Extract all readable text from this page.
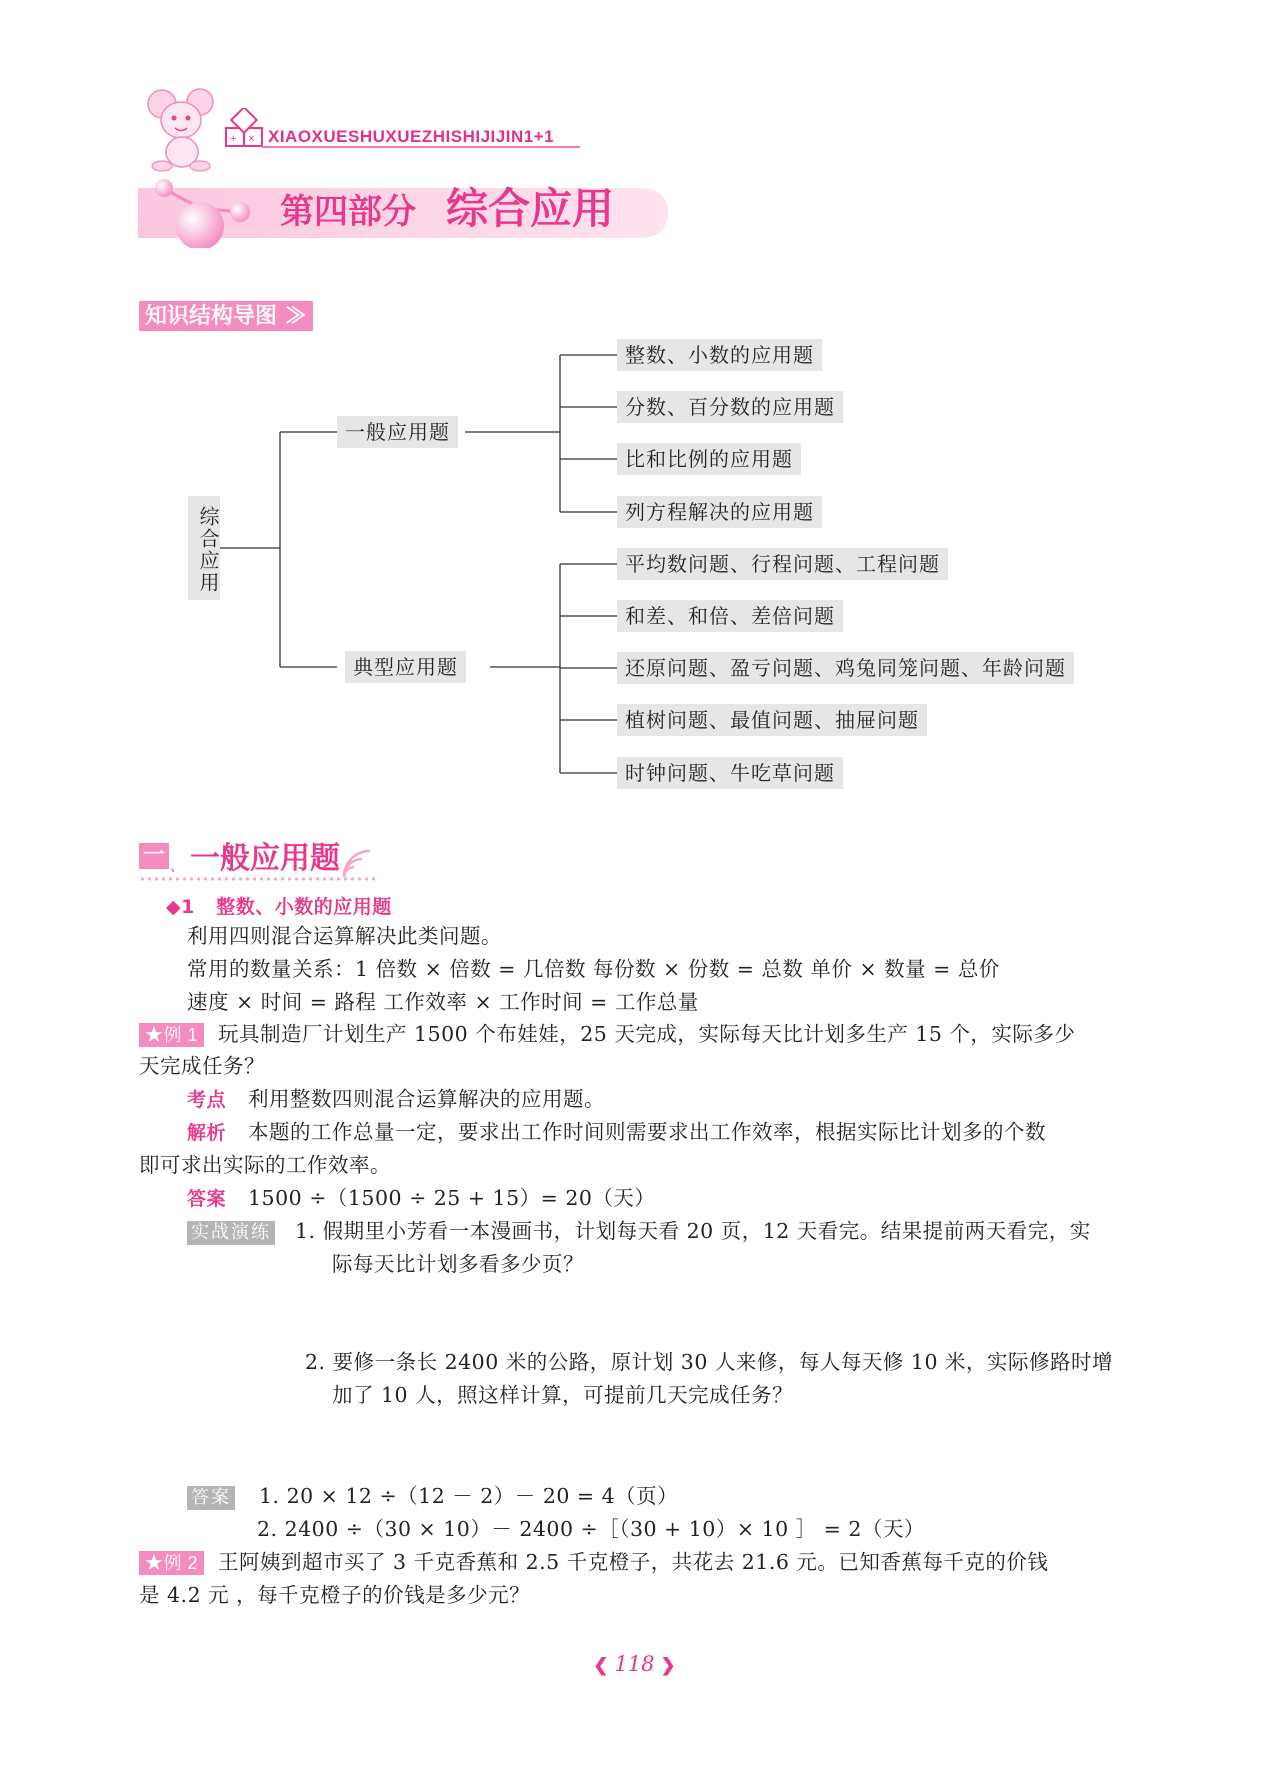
+ × XIAOXUESHUXUEZHISHIJIJIN1+1
第四部分 综合应用
知识结构导图 ≫
综合应用
一般应用题
典型应用题
整数、小数的应用题
分数、百分数的应用题
比和比例的应用题
列方程解决的应用题
平均数问题、行程问题、工程问题
和差、和倍、差倍问题
还原问题、盈亏问题、鸡兔同笼问题、年龄问题
植树问题、最值问题、抽屉问题
时钟问题、牛吃草问题
一 、 一般应用题
◆1 整数、小数的应用题
利用四则混合运算解决此类问题。
常用的数量关系：1 倍数 × 倍数 = 几倍数 每份数 × 份数 = 总数 单价 × 数量 = 总价
速度 × 时间 = 路程 工作效率 × 工作时间 = 工作总量
★例 1 玩具制造厂计划生产 1500 个布娃娃，25 天完成，实际每天比计划多生产 15 个，实际多少
天完成任务？
考点 利用整数四则混合运算解决的应用题。
解析 本题的工作总量一定，要求出工作时间则需要求出工作效率，根据实际比计划多的个数
即可求出实际的工作效率。
答案 1500 ÷（1500 ÷ 25 + 15）= 20（天）
实战演练 1. 假期里小芳看一本漫画书，计划每天看 20 页，12 天看完。结果提前两天看完，实
际每天比计划多看多少页？
2. 要修一条长 2400 米的公路，原计划 30 人来修，每人每天修 10 米，实际修路时增
加了 10 人，照这样计算，可提前几天完成任务？
答案 1. 20 × 12 ÷（12 － 2）－ 20 = 4（页）
2. 2400 ÷（30 × 10）－ 2400 ÷［（30 + 10）× 10 ］ = 2（天）
★例 2 王阿姨到超市买了 3 千克香蕉和 2.5 千克橙子，共花去 21.6 元。已知香蕉每千克的价钱
是 4.2 元 ，每千克橙子的价钱是多少元？
❮ 118 ❯
